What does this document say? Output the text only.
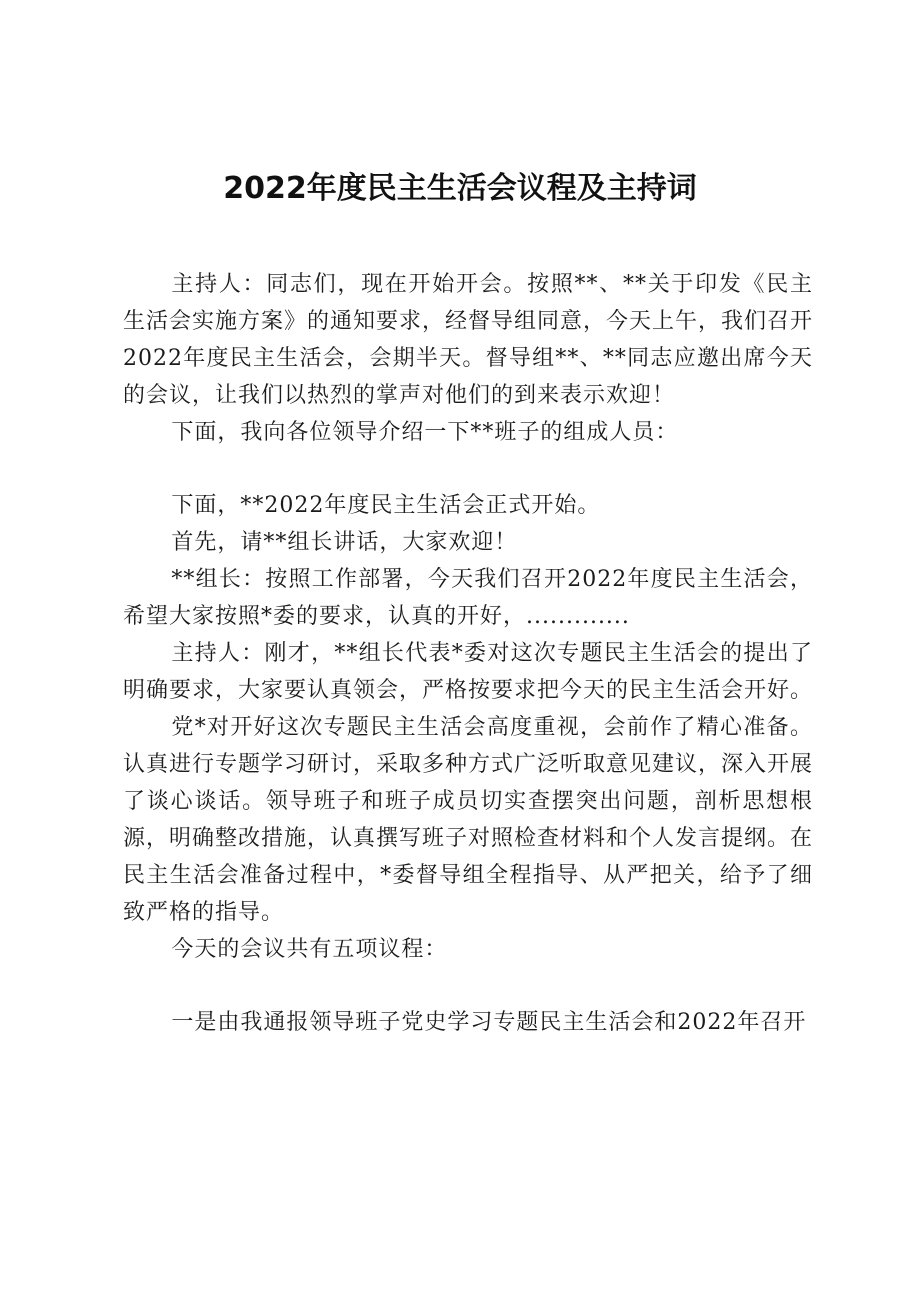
2022年度民主生活会议程及主持词

主持人：同志们，现在开始开会。按照**、**关于印发《民主生活会实施方案》的通知要求，经督导组同意，今天上午，我们召开2022年度民主生活会，会期半天。督导组**、**同志应邀出席今天的会议，让我们以热烈的掌声对他们的到来表示欢迎！

下面，我向各位领导介绍一下**班子的组成人员：

下面，**2022年度民主生活会正式开始。

首先，请**组长讲话，大家欢迎！

**组长：按照工作部署，今天我们召开2022年度民主生活会，希望大家按照*委的要求，认真的开好，.............

主持人：刚才，**组长代表*委对这次专题民主生活会的提出了明确要求，大家要认真领会，严格按要求把今天的民主生活会开好。

党*对开好这次专题民主生活会高度重视，会前作了精心准备。认真进行专题学习研讨，采取多种方式广泛听取意见建议，深入开展了谈心谈话。领导班子和班子成员切实查摆突出问题，剖析思想根源，明确整改措施，认真撰写班子对照检查材料和个人发言提纲。在民主生活会准备过程中，*委督导组全程指导、从严把关，给予了细致严格的指导。

今天的会议共有五项议程：

一是由我通报领导班子党史学习专题民主生活会和2022年召开
